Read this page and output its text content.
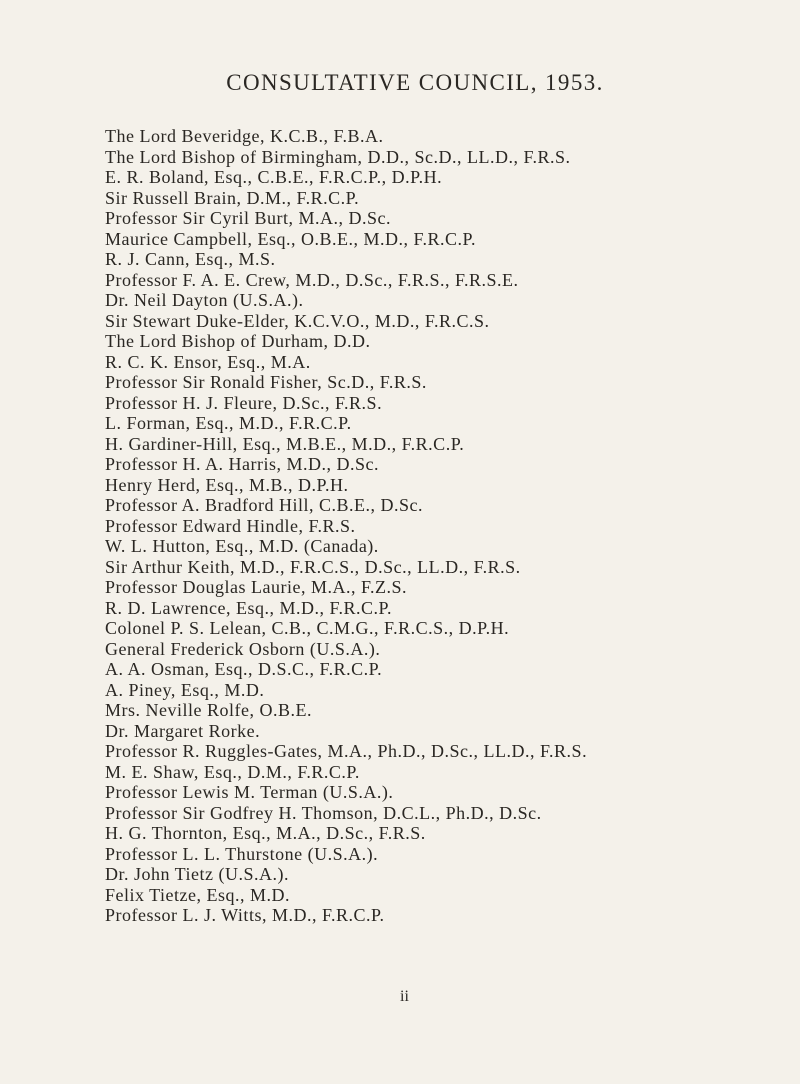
CONSULTATIVE COUNCIL, 1953.
The Lord Beveridge, K.C.B., F.B.A.
The Lord Bishop of Birmingham, D.D., Sc.D., LL.D., F.R.S.
E. R. Boland, Esq., C.B.E., F.R.C.P., D.P.H.
Sir Russell Brain, D.M., F.R.C.P.
Professor Sir Cyril Burt, M.A., D.Sc.
Maurice Campbell, Esq., O.B.E., M.D., F.R.C.P.
R. J. Cann, Esq., M.S.
Professor F. A. E. Crew, M.D., D.Sc., F.R.S., F.R.S.E.
Dr. Neil Dayton (U.S.A.).
Sir Stewart Duke-Elder, K.C.V.O., M.D., F.R.C.S.
The Lord Bishop of Durham, D.D.
R. C. K. Ensor, Esq., M.A.
Professor Sir Ronald Fisher, Sc.D., F.R.S.
Professor H. J. Fleure, D.Sc., F.R.S.
L. Forman, Esq., M.D., F.R.C.P.
H. Gardiner-Hill, Esq., M.B.E., M.D., F.R.C.P.
Professor H. A. Harris, M.D., D.Sc.
Henry Herd, Esq., M.B., D.P.H.
Professor A. Bradford Hill, C.B.E., D.Sc.
Professor Edward Hindle, F.R.S.
W. L. Hutton, Esq., M.D. (Canada).
Sir Arthur Keith, M.D., F.R.C.S., D.Sc., LL.D., F.R.S.
Professor Douglas Laurie, M.A., F.Z.S.
R. D. Lawrence, Esq., M.D., F.R.C.P.
Colonel P. S. Lelean, C.B., C.M.G., F.R.C.S., D.P.H.
General Frederick Osborn (U.S.A.).
A. A. Osman, Esq., D.S.C., F.R.C.P.
A. Piney, Esq., M.D.
Mrs. Neville Rolfe, O.B.E.
Dr. Margaret Rorke.
Professor R. Ruggles-Gates, M.A., Ph.D., D.Sc., LL.D., F.R.S.
M. E. Shaw, Esq., D.M., F.R.C.P.
Professor Lewis M. Terman (U.S.A.).
Professor Sir Godfrey H. Thomson, D.C.L., Ph.D., D.Sc.
H. G. Thornton, Esq., M.A., D.Sc., F.R.S.
Professor L. L. Thurstone (U.S.A.).
Dr. John Tietz (U.S.A.).
Felix Tietze, Esq., M.D.
Professor L. J. Witts, M.D., F.R.C.P.
ii
